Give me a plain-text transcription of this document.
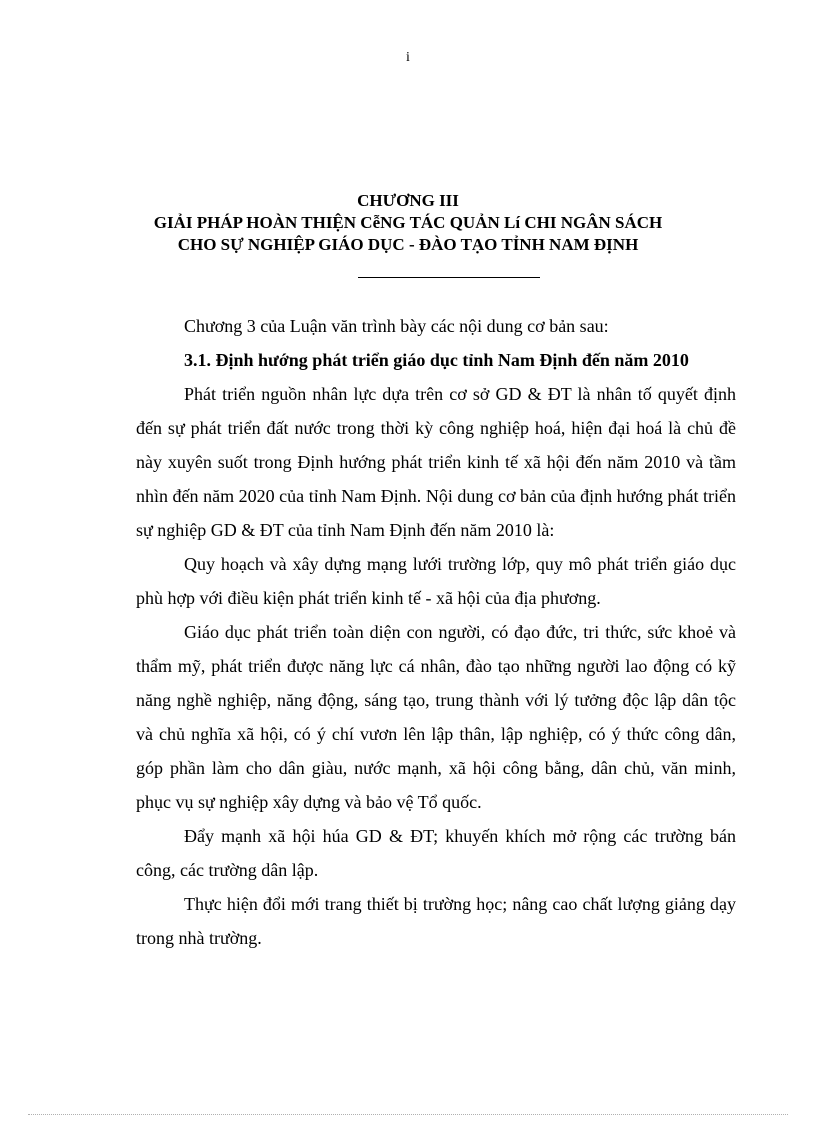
i
CHƯƠNG III
GIẢI PHÁP HOÀN THIỆN CễNG TÁC QUẢN Lí CHI NGÂN SÁCH
CHO SỰ NGHIỆP GIÁO DỤC - ĐÀO TẠO TỈNH NAM ĐỊNH

Chương 3 của Luận văn trình bày các nội dung cơ bản sau:

3.1. Định hướng phát triển giáo dục tỉnh Nam Định đến năm 2010

Phát triển nguồn nhân lực dựa trên cơ sở GD & ĐT là nhân tố quyết định đến sự phát triển đất nước trong thời kỳ công nghiệp hoá, hiện đại hoá là chủ đề này xuyên suốt trong Định hướng phát triển kinh tế xã hội đến năm 2010 và tầm nhìn đến năm 2020 của tỉnh Nam Định. Nội dung cơ bản của định hướng phát triển sự nghiệp GD & ĐT của tỉnh Nam Định đến năm 2010 là:

Quy hoạch và xây dựng mạng lưới trường lớp, quy mô phát triển giáo dục phù hợp với điều kiện phát triển kinh tế - xã hội của địa phương.

Giáo dục phát triển toàn diện con người, có đạo đức, tri thức, sức khoẻ và thẩm mỹ, phát triển được năng lực cá nhân, đào tạo những người lao động có kỹ năng nghề nghiệp, năng động, sáng tạo, trung thành với lý tưởng độc lập dân tộc và chủ nghĩa xã hội, có ý chí vươn lên lập thân, lập nghiệp, có ý thức công dân, góp phần làm cho dân giàu, nước mạnh, xã hội công bằng, dân chủ, văn minh, phục vụ sự nghiệp xây dựng và bảo vệ Tổ quốc.

Đẩy mạnh xã hội húa GD & ĐT; khuyến khích mở rộng các trường bán công, các trường dân lập.

Thực hiện đổi mới trang thiết bị trường học; nâng cao chất lượng giảng dạy trong nhà trường.
